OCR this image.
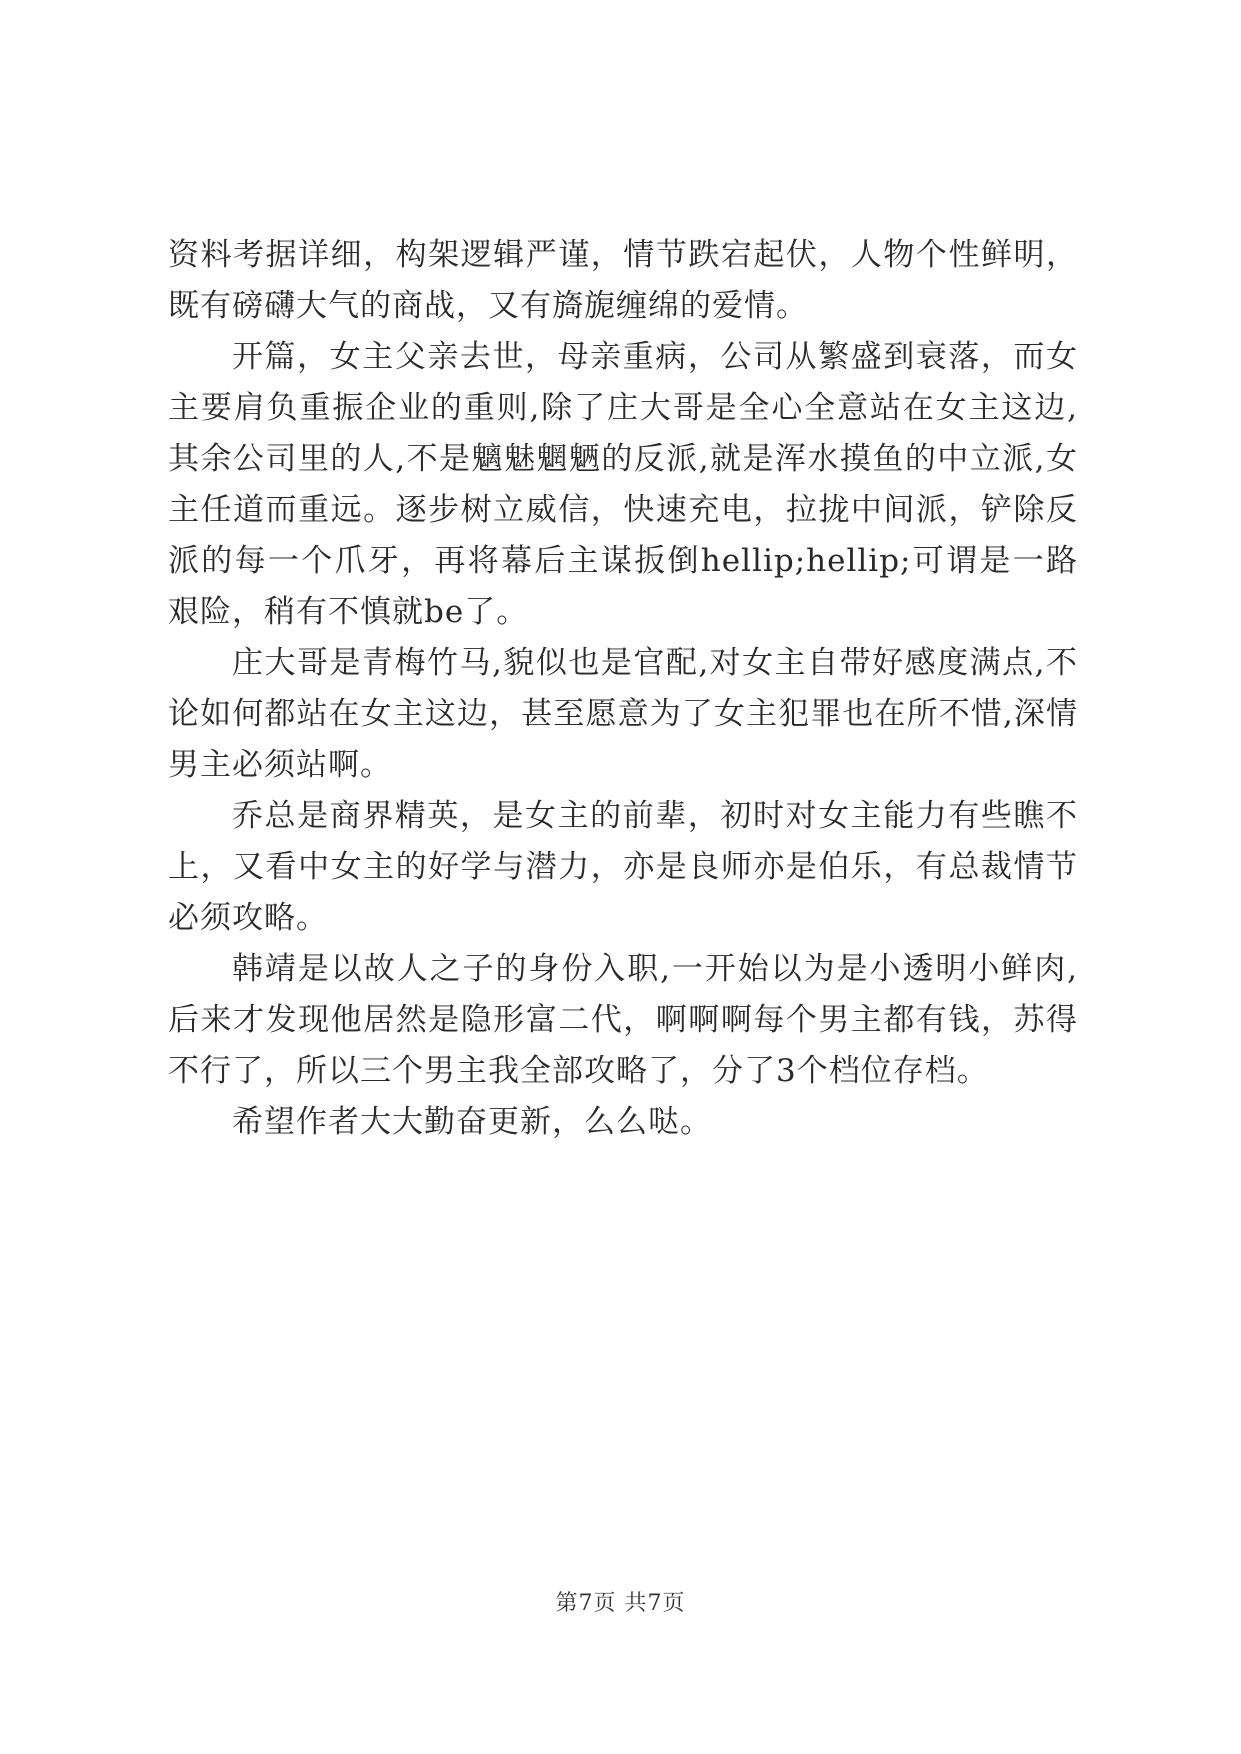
资料考据详细，构架逻辑严谨，情节跌宕起伏，人物个性鲜明，既有磅礴大气的商战，又有旖旎缠绵的爱情。

开篇，女主父亲去世，母亲重病，公司从繁盛到衰落，而女主要肩负重振企业的重则,除了庄大哥是全心全意站在女主这边,其余公司里的人,不是魑魅魍魉的反派,就是浑水摸鱼的中立派,女主任道而重远。逐步树立威信，快速充电，拉拢中间派，铲除反派的每一个爪牙，再将幕后主谋扳倒hellip;hellip;可谓是一路艰险，稍有不慎就be了。

庄大哥是青梅竹马,貌似也是官配,对女主自带好感度满点,不论如何都站在女主这边，甚至愿意为了女主犯罪也在所不惜,深情男主必须站啊。

乔总是商界精英，是女主的前辈，初时对女主能力有些瞧不上，又看中女主的好学与潜力，亦是良师亦是伯乐，有总裁情节必须攻略。

韩靖是以故人之子的身份入职,一开始以为是小透明小鲜肉,后来才发现他居然是隐形富二代，啊啊啊每个男主都有钱，苏得不行了，所以三个男主我全部攻略了，分了3个档位存档。

希望作者大大勤奋更新，么么哒。

第7页 共7页
